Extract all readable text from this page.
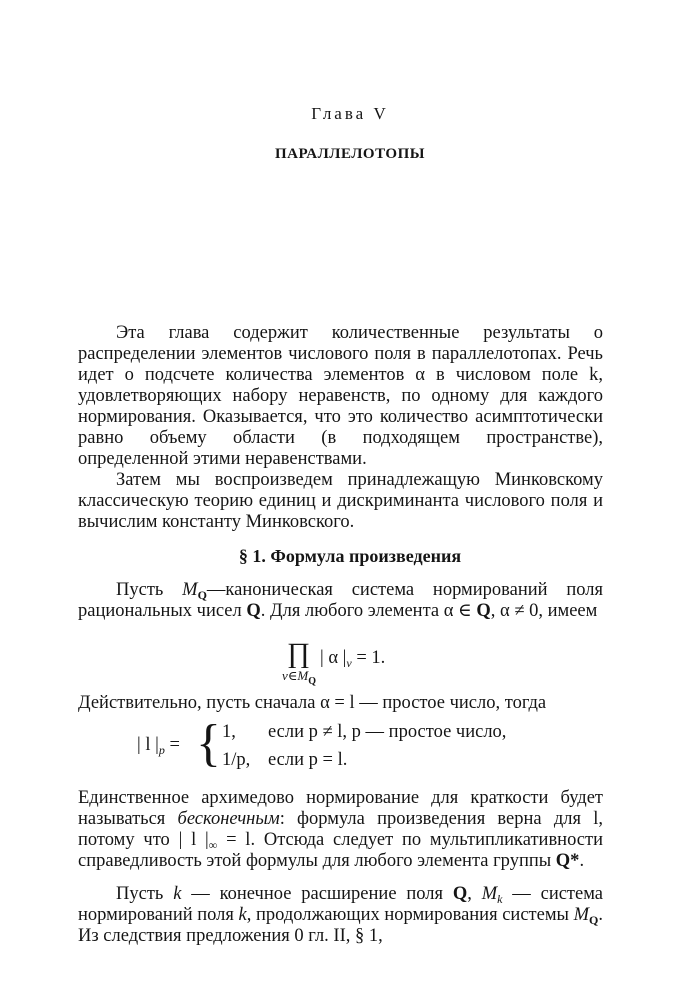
Глава V
ПАРАЛЛЕЛОТОПЫ
Эта глава содержит количественные результаты о распределении элементов числового поля в параллелотопах. Речь идет о подсчете количества элементов α в числовом поле k, удовлетворяющих набору неравенств, по одному для каждого нормирования. Оказывается, что это количество асимптотически равно объему области (в подходящем пространстве), определенной этими неравенствами.
Затем мы воспроизведем принадлежащую Минковскому классическую теорию единиц и дискриминанта числового поля и вычислим константу Минковского.
§ 1. Формула произведения
Пусть $M_Q—каноническая$ система нормирований поля рациональных чисел Q. Для любого элемента α ∈ Q, α ≠ 0, имеем
∏
$v\in M_Q$
| α $|_v = 1$.
Действительно, пусть сначала α = l — простое число, тогда
| l $|_p$ = { 1, если p ≠ l, p — простое число,
1/p, если p = l.
Единственное архимедово нормирование для краткости будет называться бесконечным: формула произведения верна для l, потому что | l $|_\infty = l$. Отсюда следует по мультипликативности справедливость этой формулы для любого элемента группы Q*.
Пусть k — конечное расширение поля Q, $M_k$ — система нормирований поля k, продолжающих нормирования системы $M_Q$. Из следствия предложения 0 гл. II, § 1,
